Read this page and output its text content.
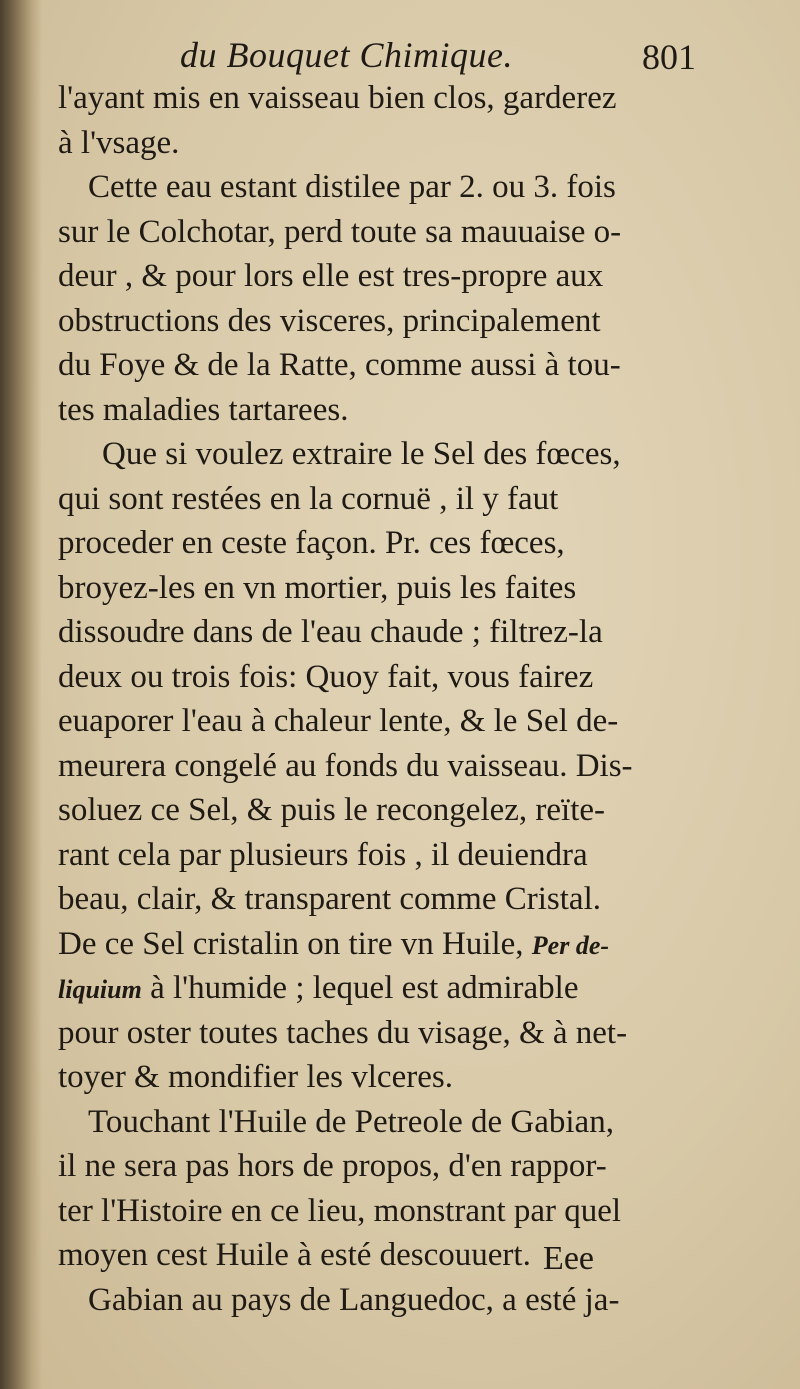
du Bouquet Chimique.	801
l'ayant mis en vaisseau bien clos, garderez
à l'vsage.
Cette eau estant distilee par 2. ou 3. fois
sur le Colchotar, perd toute sa mauuaise o-
deur , & pour lors elle est tres-propre aux
obstructions des visceres, principalement
du Foye & de la Ratte, comme aussi à tou-
tes maladies tartarees.
Que si voulez extraire le Sel des fœces,
qui sont restées en la cornuë , il y faut
proceder en ceste façon. Pr. ces fœces,
broyez-les en vn mortier, puis les faites
dissoudre dans de l'eau chaude ; filtrez-la
deux ou trois fois: Quoy fait, vous fairez
euaporer l'eau à chaleur lente, & le Sel de-
meurera congelé au fonds du vaisseau. Dis-
soluez ce Sel, & puis le recongelez, reïte-
rant cela par plusieurs fois , il deuiendra
beau, clair, & transparent comme Cristal.
De ce Sel cristalin on tire vn Huile, Per de-
liquium à l'humide ; lequel est admirable
pour oster toutes taches du visage, & à net-
toyer & mondifier les vlceres.
Touchant l'Huile de Petreole de Gabian,
il ne sera pas hors de propos, d'en rappor-
ter l'Histoire en ce lieu, monstrant par quel
moyen cest Huile à esté descouuert.
Gabian au pays de Languedoc, a esté ja-
Eee
